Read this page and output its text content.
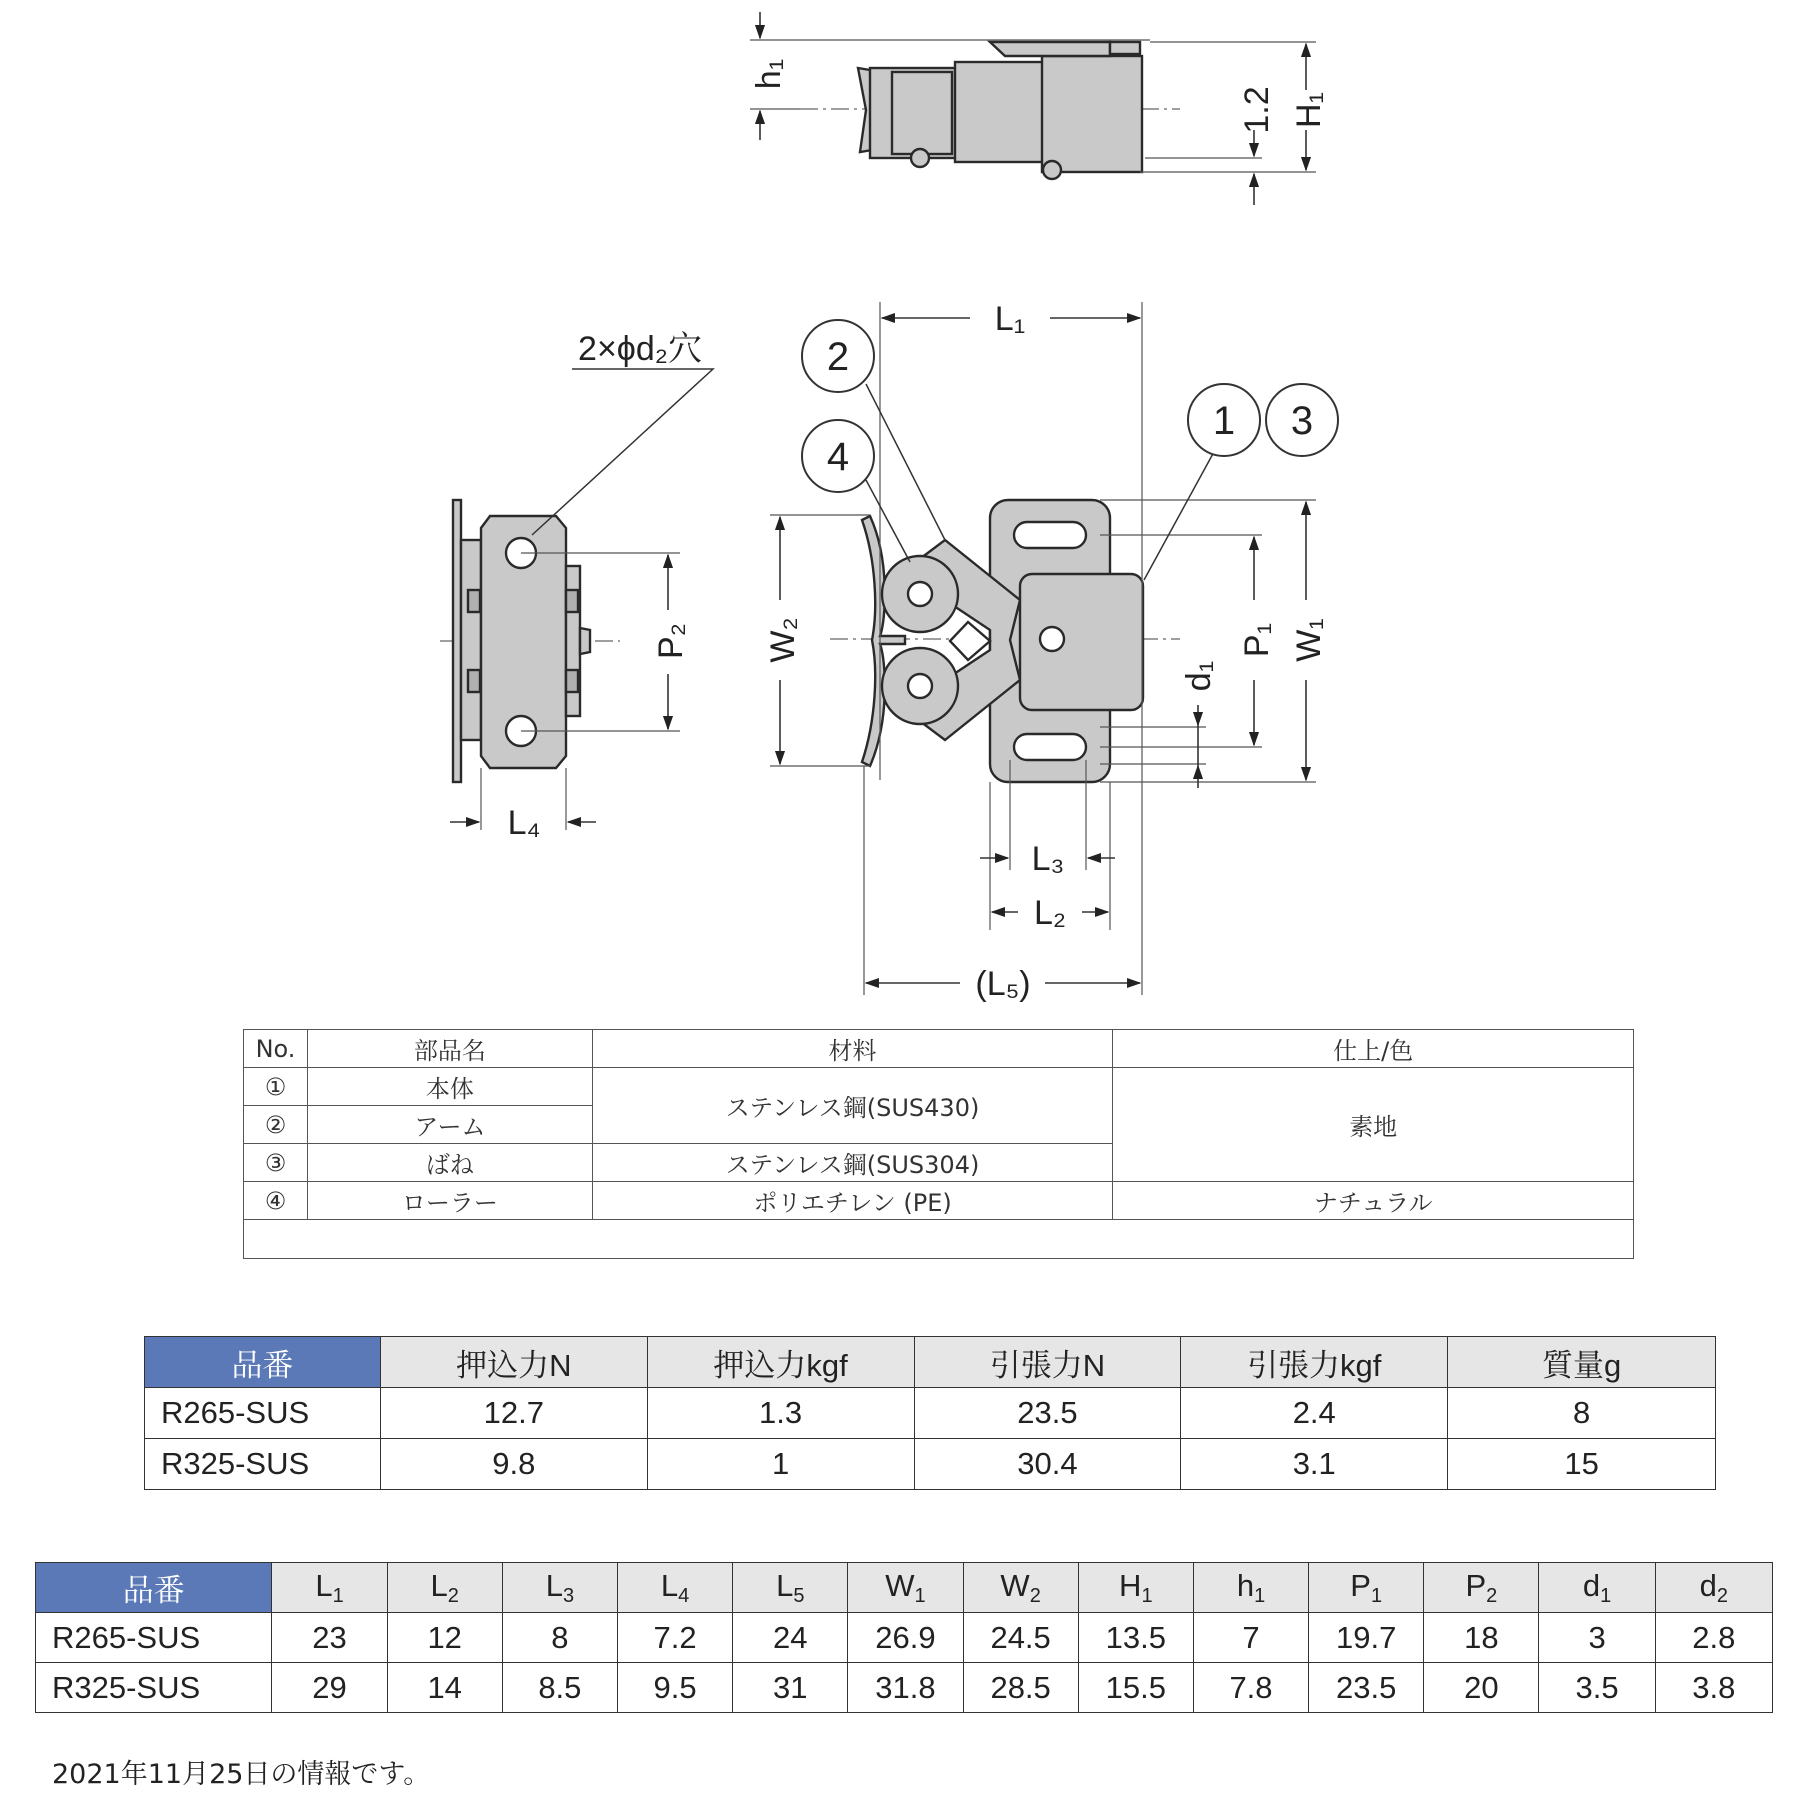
h₁
1.2 H₁
P₂
L₄
2×ϕd₂穴
L₁
L₃
L₂
(L₅)
W₂	P₁ W₁
d₁
2
4
1 3
No.	部品名	材料	仕上/色
①	本体	ステンレス鋼(SUS430)	素地
②	アーム		
③	ばね	ステンレス鋼(SUS304)	
④	ローラー	ポリエチレン (PE)	ナチュラル

品番	押込力N	押込力kgf	引張力N	引張力kgf	質量g
R265-SUS	12.7	1.3	23.5	2.4	8
R325-SUS	9.8	1	30.4	3.1	15
品番	$L_1$	$L_2$	$L_3$	$L_4$	$L_5$	$W_1$	$W_2$	$H_1$	$h_1$	$P_1$	$P_2$	$d_1$	$d_2$
R265-SUS	23	12	8	7.2	24	26.9	24.5	13.5	7	19.7	18	3	2.8
R325-SUS	29	14	8.5	9.5	31	31.8	28.5	15.5	7.8	23.5	20	3.5	3.8
2021年11月25日の情報です。
